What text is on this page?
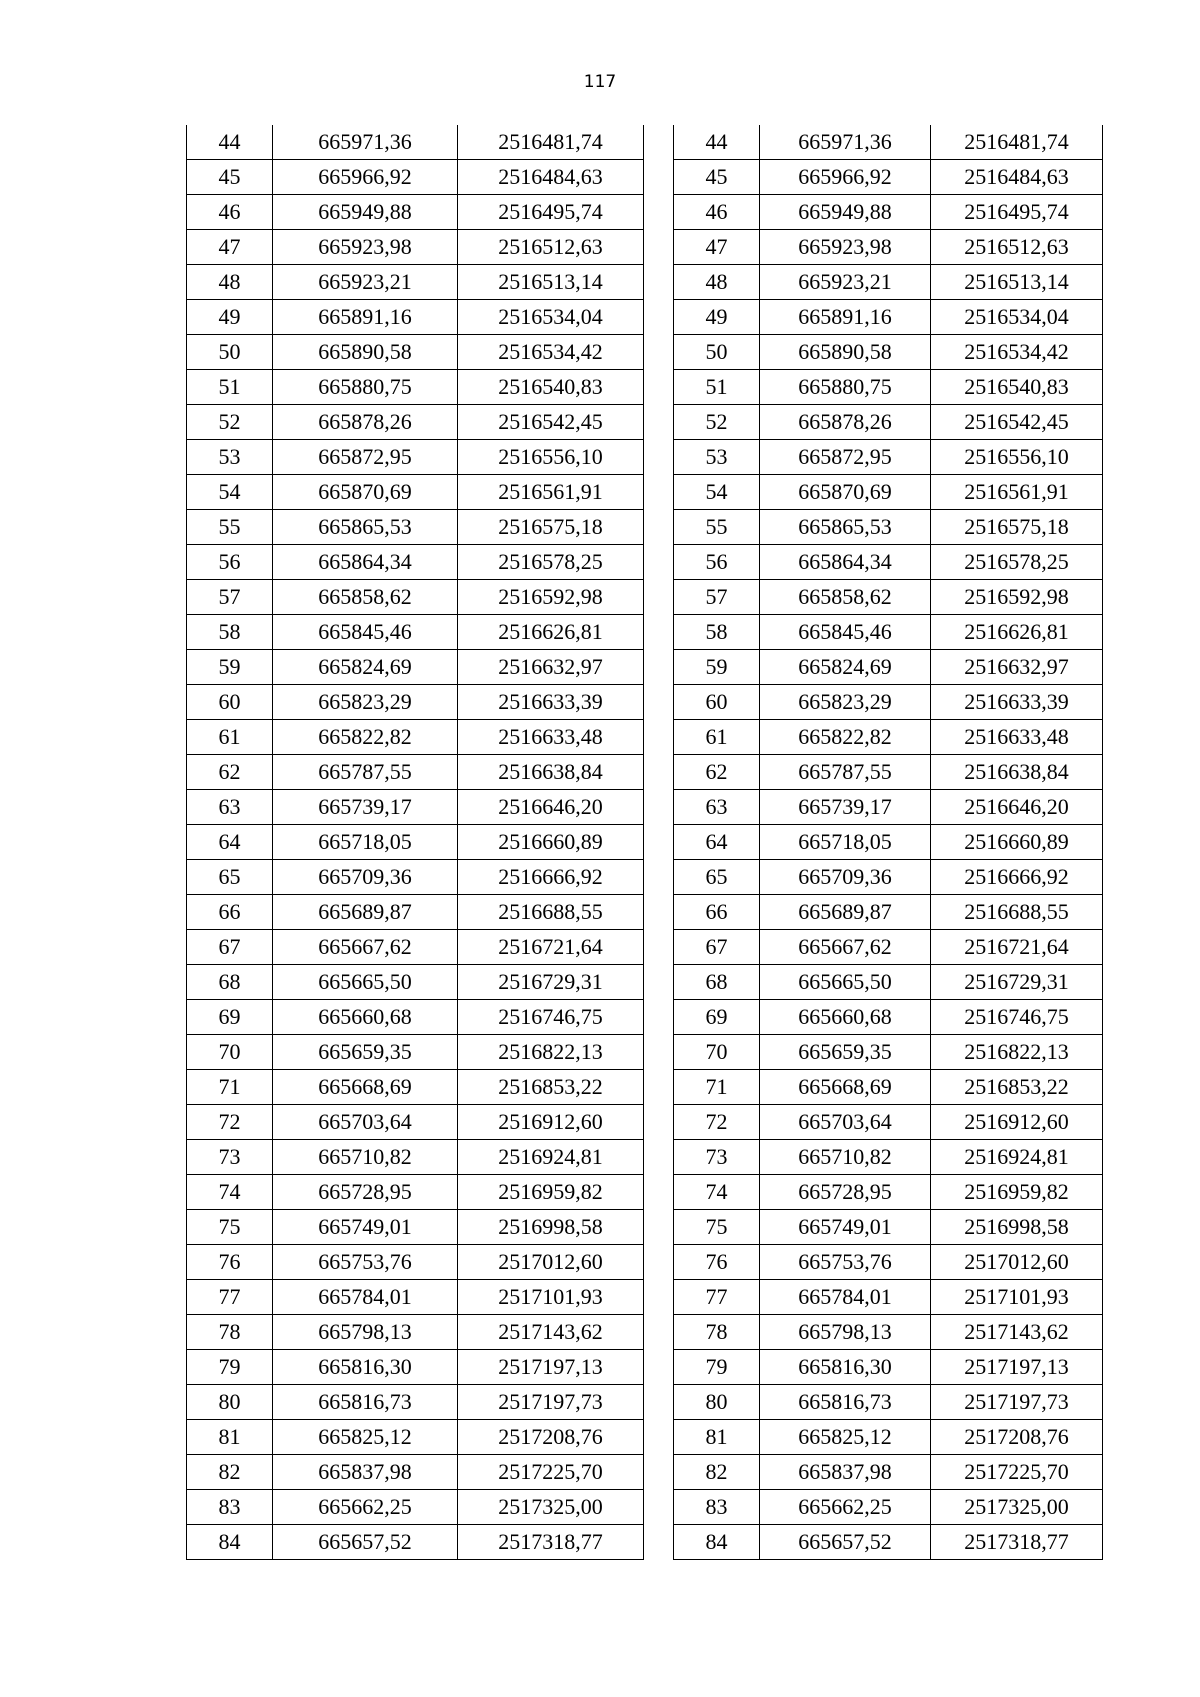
117
44	665971,36	2516481,74
45	665966,92	2516484,63
46	665949,88	2516495,74
47	665923,98	2516512,63
48	665923,21	2516513,14
49	665891,16	2516534,04
50	665890,58	2516534,42
51	665880,75	2516540,83
52	665878,26	2516542,45
53	665872,95	2516556,10
54	665870,69	2516561,91
55	665865,53	2516575,18
56	665864,34	2516578,25
57	665858,62	2516592,98
58	665845,46	2516626,81
59	665824,69	2516632,97
60	665823,29	2516633,39
61	665822,82	2516633,48
62	665787,55	2516638,84
63	665739,17	2516646,20
64	665718,05	2516660,89
65	665709,36	2516666,92
66	665689,87	2516688,55
67	665667,62	2516721,64
68	665665,50	2516729,31
69	665660,68	2516746,75
70	665659,35	2516822,13
71	665668,69	2516853,22
72	665703,64	2516912,60
73	665710,82	2516924,81
74	665728,95	2516959,82
75	665749,01	2516998,58
76	665753,76	2517012,60
77	665784,01	2517101,93
78	665798,13	2517143,62
79	665816,30	2517197,13
80	665816,73	2517197,73
81	665825,12	2517208,76
82	665837,98	2517225,70
83	665662,25	2517325,00
84	665657,52	2517318,77
44	665971,36	2516481,74
45	665966,92	2516484,63
46	665949,88	2516495,74
47	665923,98	2516512,63
48	665923,21	2516513,14
49	665891,16	2516534,04
50	665890,58	2516534,42
51	665880,75	2516540,83
52	665878,26	2516542,45
53	665872,95	2516556,10
54	665870,69	2516561,91
55	665865,53	2516575,18
56	665864,34	2516578,25
57	665858,62	2516592,98
58	665845,46	2516626,81
59	665824,69	2516632,97
60	665823,29	2516633,39
61	665822,82	2516633,48
62	665787,55	2516638,84
63	665739,17	2516646,20
64	665718,05	2516660,89
65	665709,36	2516666,92
66	665689,87	2516688,55
67	665667,62	2516721,64
68	665665,50	2516729,31
69	665660,68	2516746,75
70	665659,35	2516822,13
71	665668,69	2516853,22
72	665703,64	2516912,60
73	665710,82	2516924,81
74	665728,95	2516959,82
75	665749,01	2516998,58
76	665753,76	2517012,60
77	665784,01	2517101,93
78	665798,13	2517143,62
79	665816,30	2517197,13
80	665816,73	2517197,73
81	665825,12	2517208,76
82	665837,98	2517225,70
83	665662,25	2517325,00
84	665657,52	2517318,77
